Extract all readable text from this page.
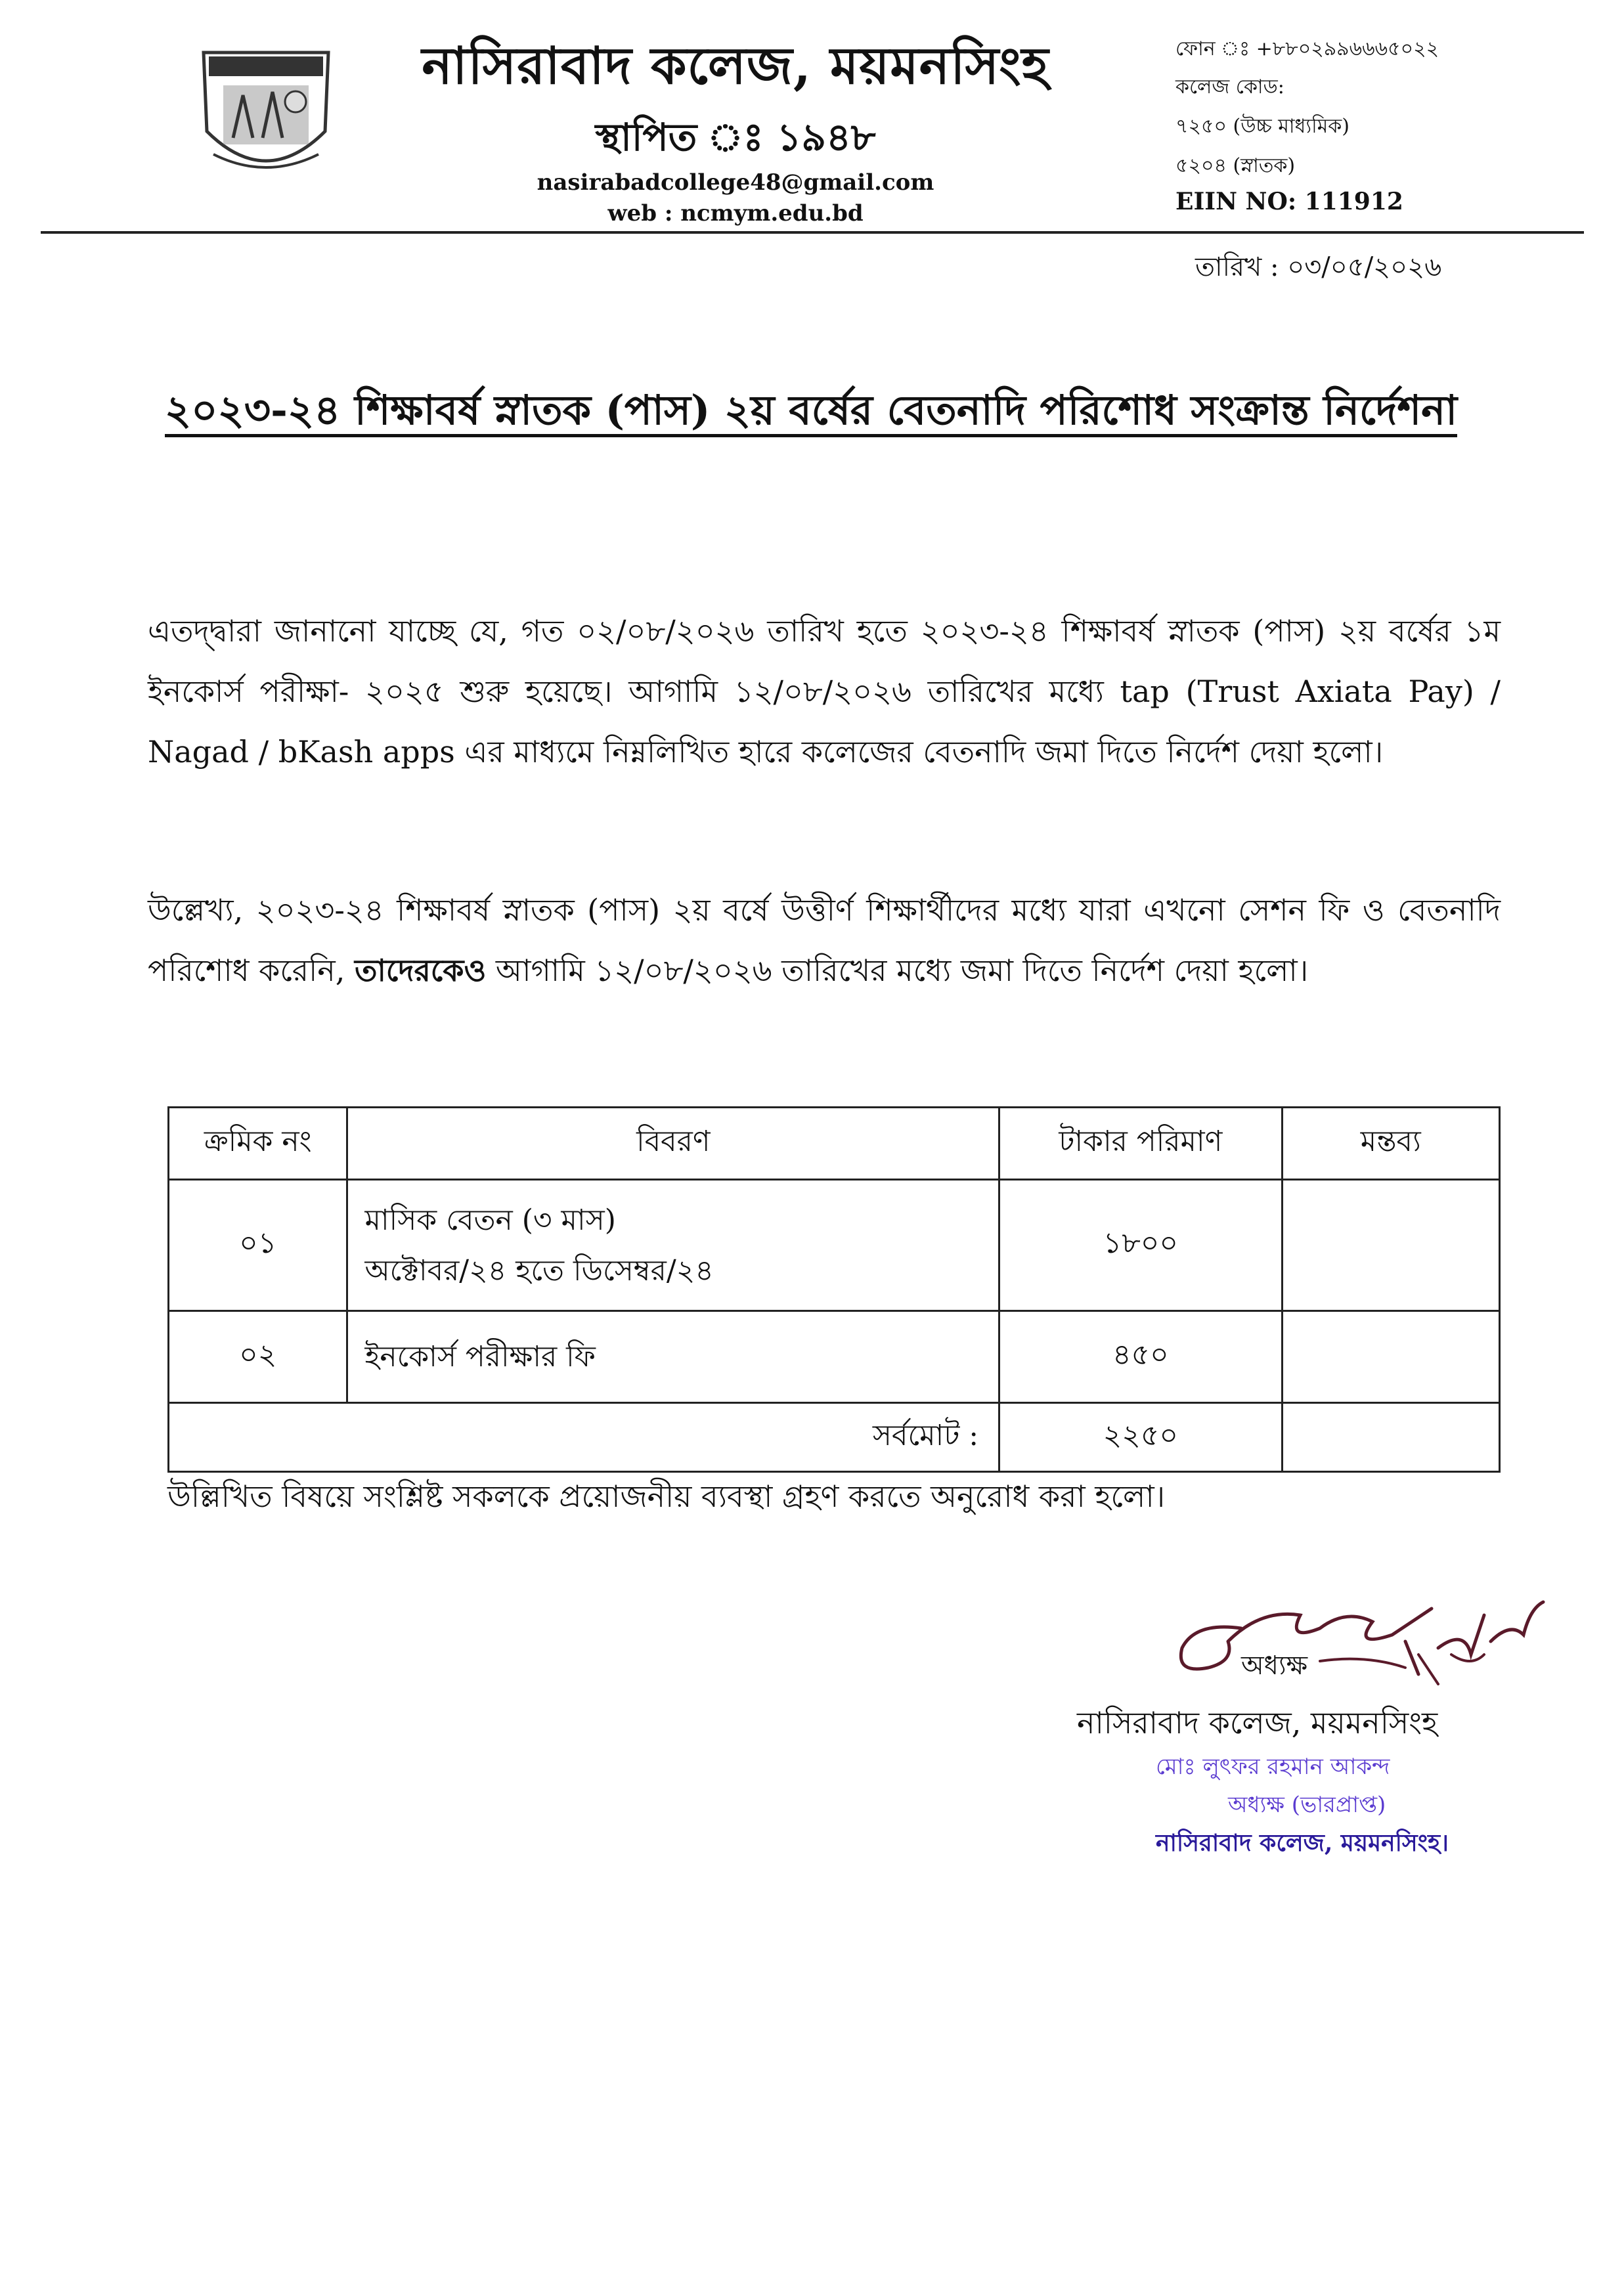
নাসিরাবাদ কলেজ, ময়মনসিংহ
স্থাপিত ঃ ১৯৪৮
nasirabadcollege48@gmail.com
web : ncmym.edu.bd
ফোন ঃ +৮৮০২৯৯৬৬৬৫০২২
কলেজ কোড:
৭২৫০ (উচ্চ মাধ্যমিক)
৫২০৪ (স্নাতক)
EIIN NO: 111912
তারিখ : ০৩/০৫/২০২৬
২০২৩-২৪ শিক্ষাবর্ষ স্নাতক (পাস) ২য় বর্ষের বেতনাদি পরিশোধ সংক্রান্ত নির্দেশনা
এতদ্দ্বারা জানানো যাচ্ছে যে, গত ০২/০৮/২০২৬ তারিখ হতে ২০২৩-২৪ শিক্ষাবর্ষ স্নাতক (পাস) ২য় বর্ষের ১ম ইনকোর্স পরীক্ষা- ২০২৫ শুরু হয়েছে। আগামি ১২/০৮/২০২৬ তারিখের মধ্যে tap (Trust Axiata Pay) / Nagad / bKash apps এর মাধ্যমে নিম্নলিখিত হারে কলেজের বেতনাদি জমা দিতে নির্দেশ দেয়া হলো।
উল্লেখ্য, ২০২৩-২৪ শিক্ষাবর্ষ স্নাতক (পাস) ২য় বর্ষে উত্তীর্ণ শিক্ষার্থীদের মধ্যে যারা এখনো সেশন ফি ও বেতনাদি পরিশোধ করেনি, তাদেরকেও আগামি ১২/০৮/২০২৬ তারিখের মধ্যে জমা দিতে নির্দেশ দেয়া হলো।
ক্রমিক নং	বিবরণ	টাকার পরিমাণ	মন্তব্য
০১	মাসিক বেতন (৩ মাস)
অক্টোবর/২৪ হতে ডিসেম্বর/২৪	১৮০০	
০২	ইনকোর্স পরীক্ষার ফি	৪৫০	
সর্বমোট :		২২৫০	
উল্লিখিত বিষয়ে সংশ্লিষ্ট সকলকে প্রয়োজনীয় ব্যবস্থা গ্রহণ করতে অনুরোধ করা হলো।
অধ্যক্ষ
নাসিরাবাদ কলেজ, ময়মনসিংহ
মোঃ লুৎফর রহমান আকন্দ
অধ্যক্ষ (ভারপ্রাপ্ত)
নাসিরাবাদ কলেজ, ময়মনসিংহ।
